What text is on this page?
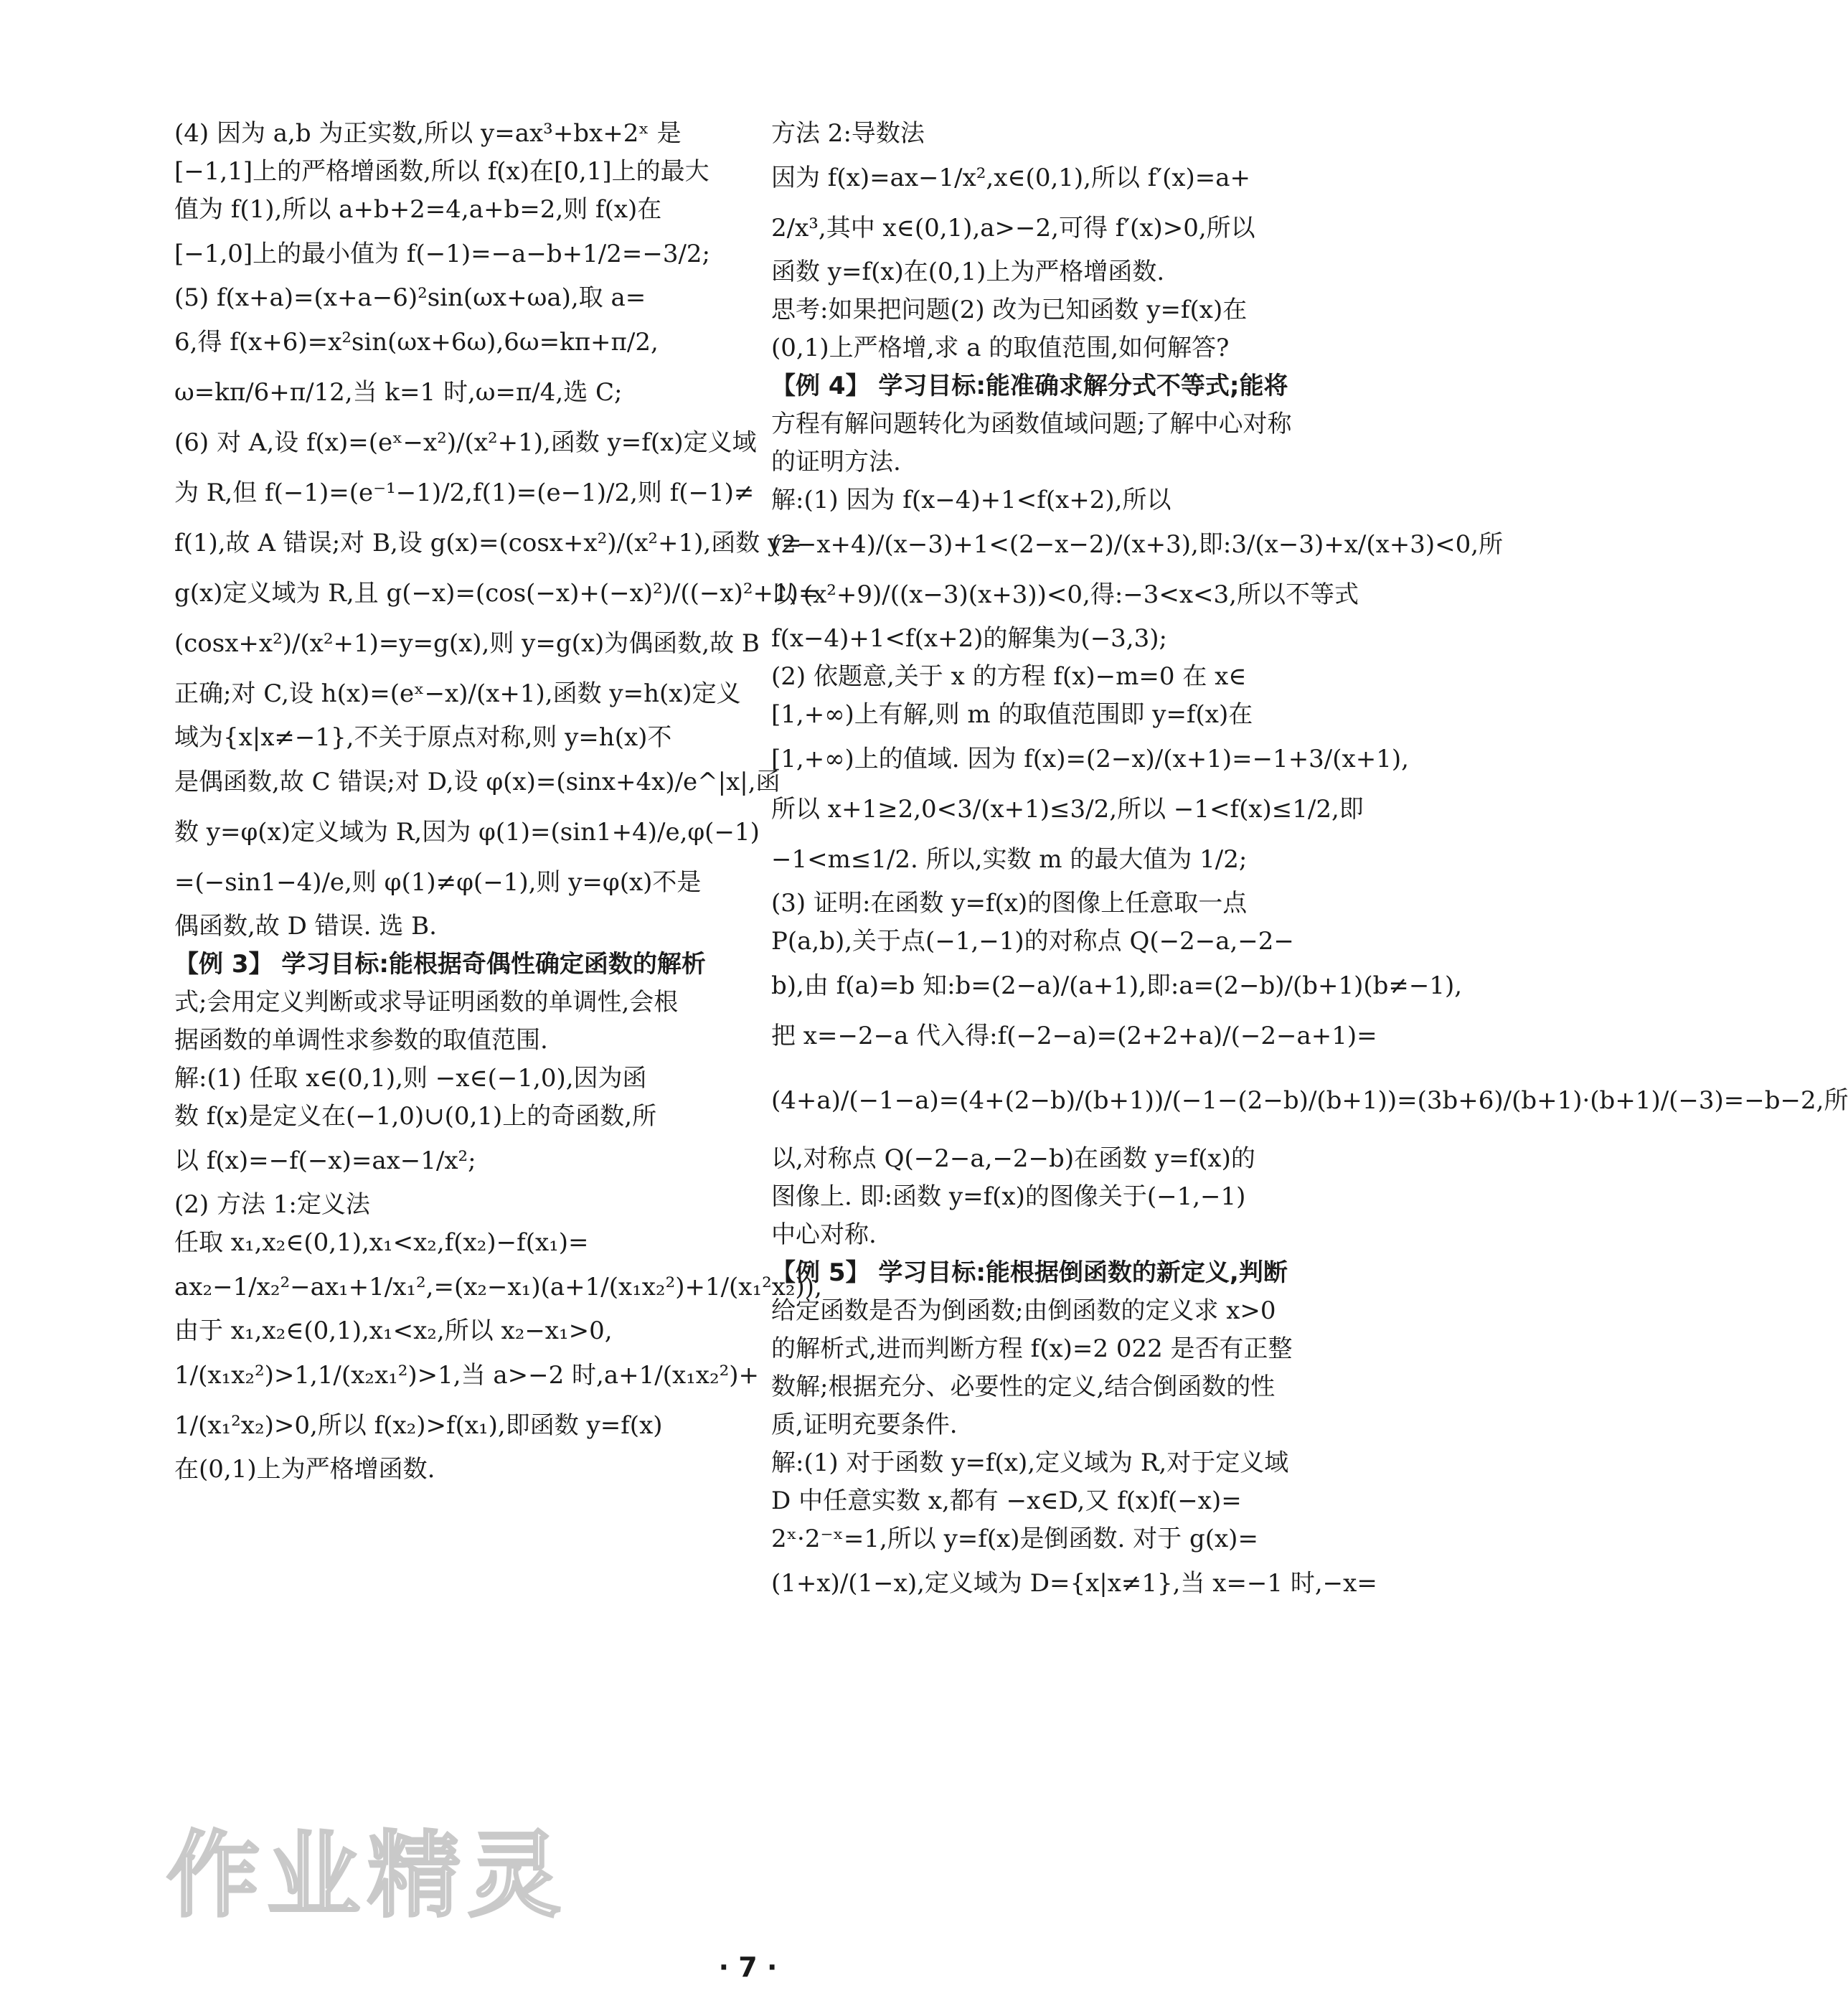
(4) 因为 a,b 为正实数,所以 y=ax³+bx+2ˣ 是
[−1,1]上的严格增函数,所以 f(x)在[0,1]上的最大
值为 f(1),所以 a+b+2=4,a+b=2,则 f(x)在
[−1,0]上的最小值为 f(−1)=−a−b+1/2=−3/2;
(5) f(x+a)=(x+a−6)²sin(ωx+ωa),取 a=
6,得 f(x+6)=x²sin(ωx+6ω),6ω=kπ+π/2,
ω=kπ/6+π/12,当 k=1 时,ω=π/4,选 C;
(6) 对 A,设 f(x)=(eˣ−x²)/(x²+1),函数 y=f(x)定义域
为 R,但 f(−1)=(e⁻¹−1)/2,f(1)=(e−1)/2,则 f(−1)≠
f(1),故 A 错误;对 B,设 g(x)=(cosx+x²)/(x²+1),函数 y=
g(x)定义域为 R,且 g(−x)=(cos(−x)+(−x)²)/((−x)²+1)=
(cosx+x²)/(x²+1)=y=g(x),则 y=g(x)为偶函数,故 B
正确;对 C,设 h(x)=(eˣ−x)/(x+1),函数 y=h(x)定义
域为{x|x≠−1},不关于原点对称,则 y=h(x)不
是偶函数,故 C 错误;对 D,设 φ(x)=(sinx+4x)/e^|x|,函
数 y=φ(x)定义域为 R,因为 φ(1)=(sin1+4)/e,φ(−1)
=(−sin1−4)/e,则 φ(1)≠φ(−1),则 y=φ(x)不是
偶函数,故 D 错误. 选 B.
【例 3】 学习目标:能根据奇偶性确定函数的解析
式;会用定义判断或求导证明函数的单调性,会根
据函数的单调性求参数的取值范围.
解:(1) 任取 x∈(0,1),则 −x∈(−1,0),因为函
数 f(x)是定义在(−1,0)∪(0,1)上的奇函数,所
以 f(x)=−f(−x)=ax−1/x²;
(2) 方法 1:定义法
任取 x₁,x₂∈(0,1),x₁<x₂,f(x₂)−f(x₁)=
ax₂−1/x₂²−ax₁+1/x₁²,=(x₂−x₁)(a+1/(x₁x₂²)+1/(x₁²x₂)),
由于 x₁,x₂∈(0,1),x₁<x₂,所以 x₂−x₁>0,
1/(x₁x₂²)>1,1/(x₂x₁²)>1,当 a>−2 时,a+1/(x₁x₂²)+
1/(x₁²x₂)>0,所以 f(x₂)>f(x₁),即函数 y=f(x)
在(0,1)上为严格增函数.
方法 2:导数法
因为 f(x)=ax−1/x²,x∈(0,1),所以 f′(x)=a+
2/x³,其中 x∈(0,1),a>−2,可得 f′(x)>0,所以
函数 y=f(x)在(0,1)上为严格增函数.
思考:如果把问题(2) 改为已知函数 y=f(x)在
(0,1)上严格增,求 a 的取值范围,如何解答?
【例 4】 学习目标:能准确求解分式不等式;能将
方程有解问题转化为函数值域问题;了解中心对称
的证明方法.
解:(1) 因为 f(x−4)+1<f(x+2),所以
(2−x+4)/(x−3)+1<(2−x−2)/(x+3),即:3/(x−3)+x/(x+3)<0,所
以 (x²+9)/((x−3)(x+3))<0,得:−3<x<3,所以不等式
f(x−4)+1<f(x+2)的解集为(−3,3);
(2) 依题意,关于 x 的方程 f(x)−m=0 在 x∈
[1,+∞)上有解,则 m 的取值范围即 y=f(x)在
[1,+∞)上的值域. 因为 f(x)=(2−x)/(x+1)=−1+3/(x+1),
所以 x+1≥2,0<3/(x+1)≤3/2,所以 −1<f(x)≤1/2,即
−1<m≤1/2. 所以,实数 m 的最大值为 1/2;
(3) 证明:在函数 y=f(x)的图像上任意取一点
P(a,b),关于点(−1,−1)的对称点 Q(−2−a,−2−
b),由 f(a)=b 知:b=(2−a)/(a+1),即:a=(2−b)/(b+1)(b≠−1),
把 x=−2−a 代入得:f(−2−a)=(2+2+a)/(−2−a+1)=
(4+a)/(−1−a)=(4+(2−b)/(b+1))/(−1−(2−b)/(b+1))=(3b+6)/(b+1)·(b+1)/(−3)=−b−2,所
以,对称点 Q(−2−a,−2−b)在函数 y=f(x)的
图像上. 即:函数 y=f(x)的图像关于(−1,−1)
中心对称.
【例 5】 学习目标:能根据倒函数的新定义,判断
给定函数是否为倒函数;由倒函数的定义求 x>0
的解析式,进而判断方程 f(x)=2 022 是否有正整
数解;根据充分、必要性的定义,结合倒函数的性
质,证明充要条件.
解:(1) 对于函数 y=f(x),定义域为 R,对于定义域
D 中任意实数 x,都有 −x∈D,又 f(x)f(−x)=
2ˣ·2⁻ˣ=1,所以 y=f(x)是倒函数. 对于 g(x)=
(1+x)/(1−x),定义域为 D={x|x≠1},当 x=−1 时,−x=
作业精灵
· 7 ·
